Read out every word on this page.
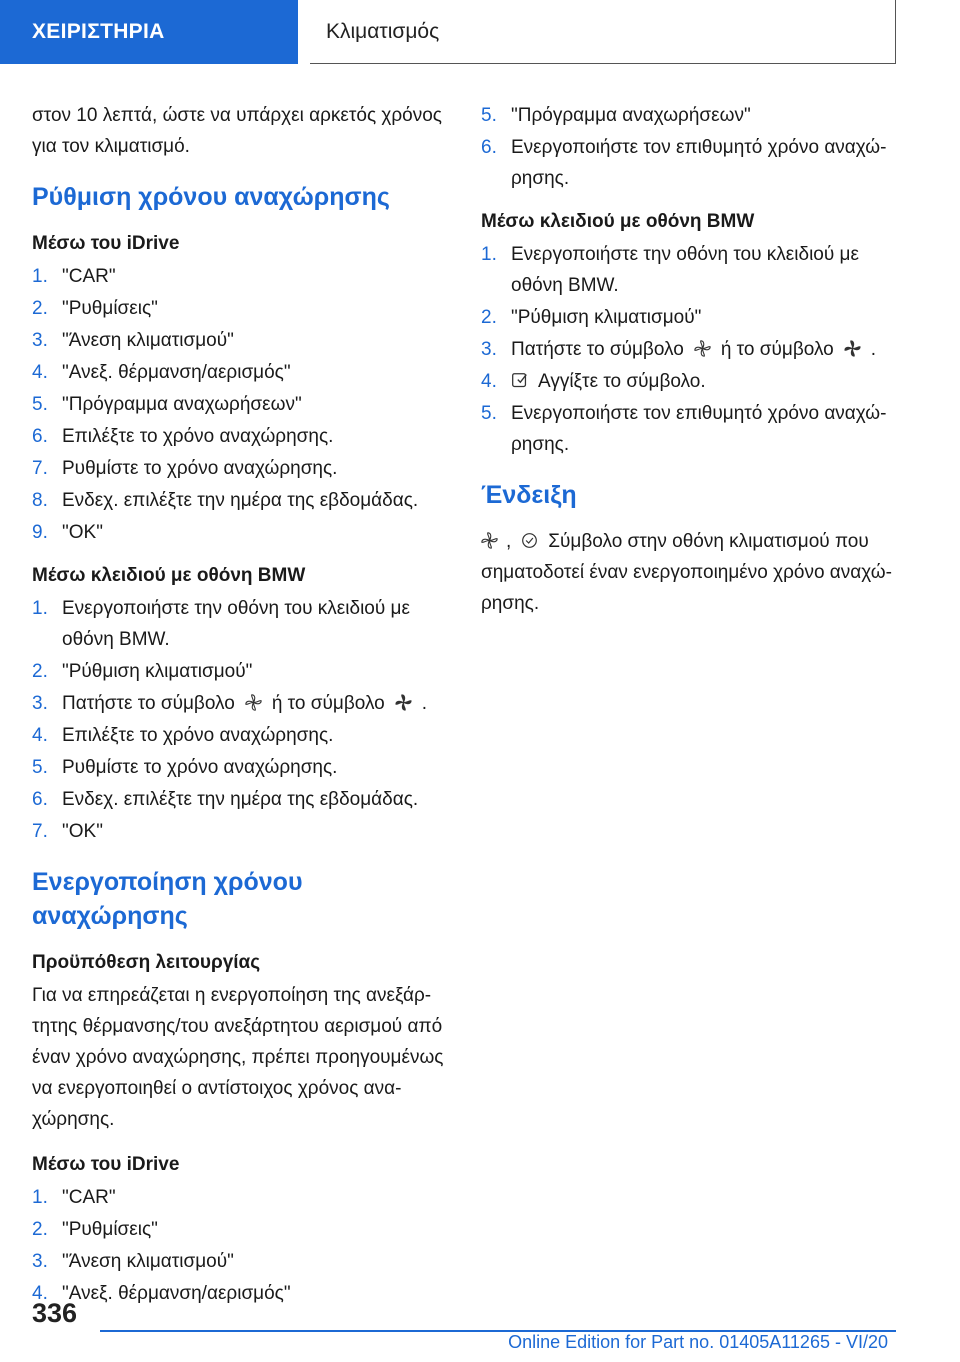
ΧΕΙΡΙΣΤΗΡΙΑ	Κλιματισμός

στον 10 λεπτά, ώστε να υπάρχει αρκετός χρόνος για τον κλιματισμό.

Ρύθμιση χρόνου αναχώρησης
Μέσω του iDrive
1. "CAR"
2. "Ρυθμίσεις"
3. "Άνεση κλιματισμού"
4. "Ανεξ. θέρμανση/αερισμός"
5. "Πρόγραμμα αναχωρήσεων"
6. Επιλέξτε το χρόνο αναχώρησης.
7. Ρυθμίστε το χρόνο αναχώρησης.
8. Ενδεχ. επιλέξτε την ημέρα της εβδομάδας.
9. "OK"
Μέσω κλειδιού με οθόνη BMW
1. Ενεργοποιήστε την οθόνη του κλειδιού με οθόνη BMW.
2. "Ρύθμιση κλιματισμού"
3. Πατήστε το σύμβολο ή το σύμβολο .
4. Επιλέξτε το χρόνο αναχώρησης.
5. Ρυθμίστε το χρόνο αναχώρησης.
6. Ενδεχ. επιλέξτε την ημέρα της εβδομάδας.
7. "OK"
Ενεργοποίηση χρόνου αναχώρησης
Προϋπόθεση λειτουργίας

Για να επηρεάζεται η ενεργοποίηση της ανεξάρτητης θέρμανσης/του ανεξάρτητου αερισμού από έναν χρόνο αναχώρησης, πρέπει προηγουμένως να ενεργοποιηθεί ο αντίστοιχος χρόνος αναχώρησης.

Μέσω του iDrive
1. "CAR"
2. "Ρυθμίσεις"
3. "Άνεση κλιματισμού"
4. "Ανεξ. θέρμανση/αερισμός"
5. "Πρόγραμμα αναχωρήσεων"
6. Ενεργοποιήστε τον επιθυμητό χρόνο αναχώρησης.
Μέσω κλειδιού με οθόνη BMW
1. Ενεργοποιήστε την οθόνη του κλειδιού με οθόνη BMW.
2. "Ρύθμιση κλιματισμού"
3. Πατήστε το σύμβολο ή το σύμβολο .
4. Αγγίξτε το σύμβολο.
5. Ενεργοποιήστε τον επιθυμητό χρόνο αναχώρησης.
Ένδειξη

, Σύμβολο στην οθόνη κλιματισμού που σηματοδοτεί έναν ενεργοποιημένο χρόνο αναχώρησης.

336
Online Edition for Part no. 01405A11265 - VI/20
